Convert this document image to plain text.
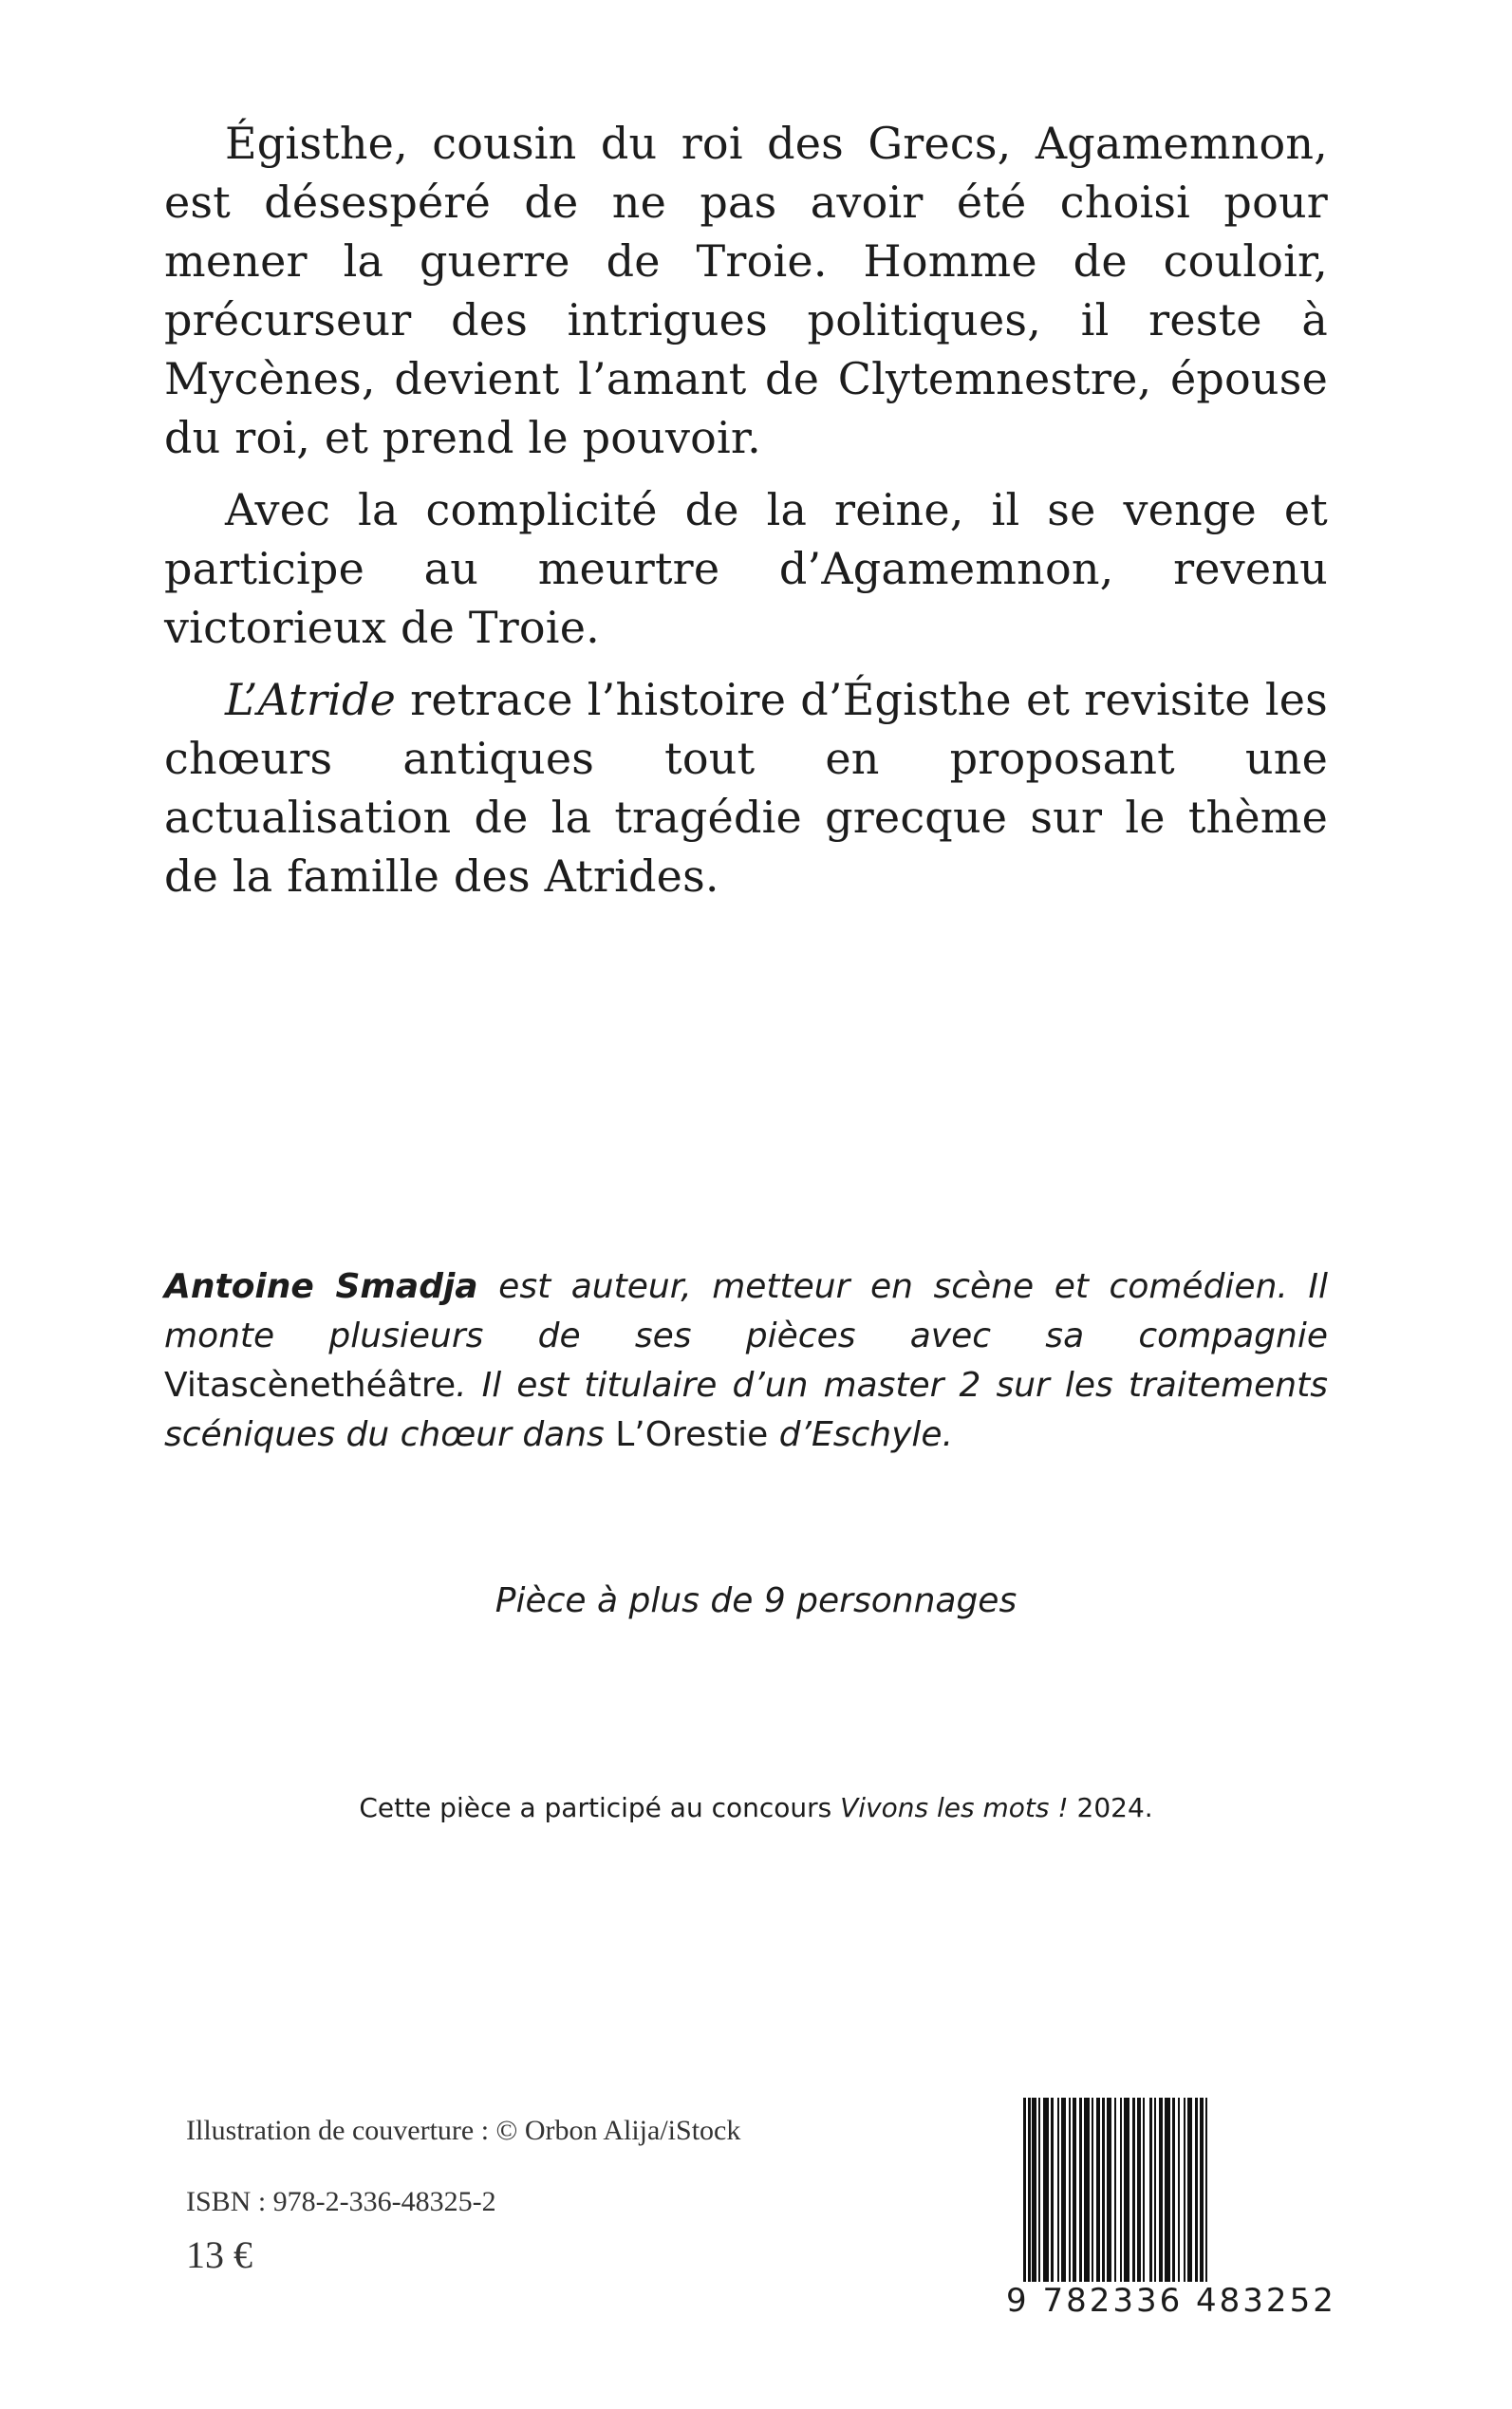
Égisthe, cousin du roi des Grecs, Agamemnon, est désespéré de ne pas avoir été choisi pour mener la guerre de Troie. Homme de couloir, précurseur des intrigues politiques, il reste à Mycènes, devient l’amant de Clytemnestre, épouse du roi, et prend le pouvoir.

Avec la complicité de la reine, il se venge et participe au meurtre d’Agamemnon, revenu victorieux de Troie.

L’Atride retrace l’histoire d’Égisthe et revisite les chœurs antiques tout en proposant une actualisation de la tragédie grecque sur le thème de la famille des Atrides.

Antoine Smadja est auteur, metteur en scène et comédien. Il monte plusieurs de ses pièces avec sa compagnie Vitascènethéâtre. Il est titulaire d’un master 2 sur les traitements scéniques du chœur dans L’Orestie d’Eschyle.
Pièce à plus de 9 personnages
Cette pièce a participé au concours Vivons les mots ! 2024.
Illustration de couverture : © Orbon Alija/iStock
ISBN : 978-2-336-48325-2
13 €
9 782336 483252
